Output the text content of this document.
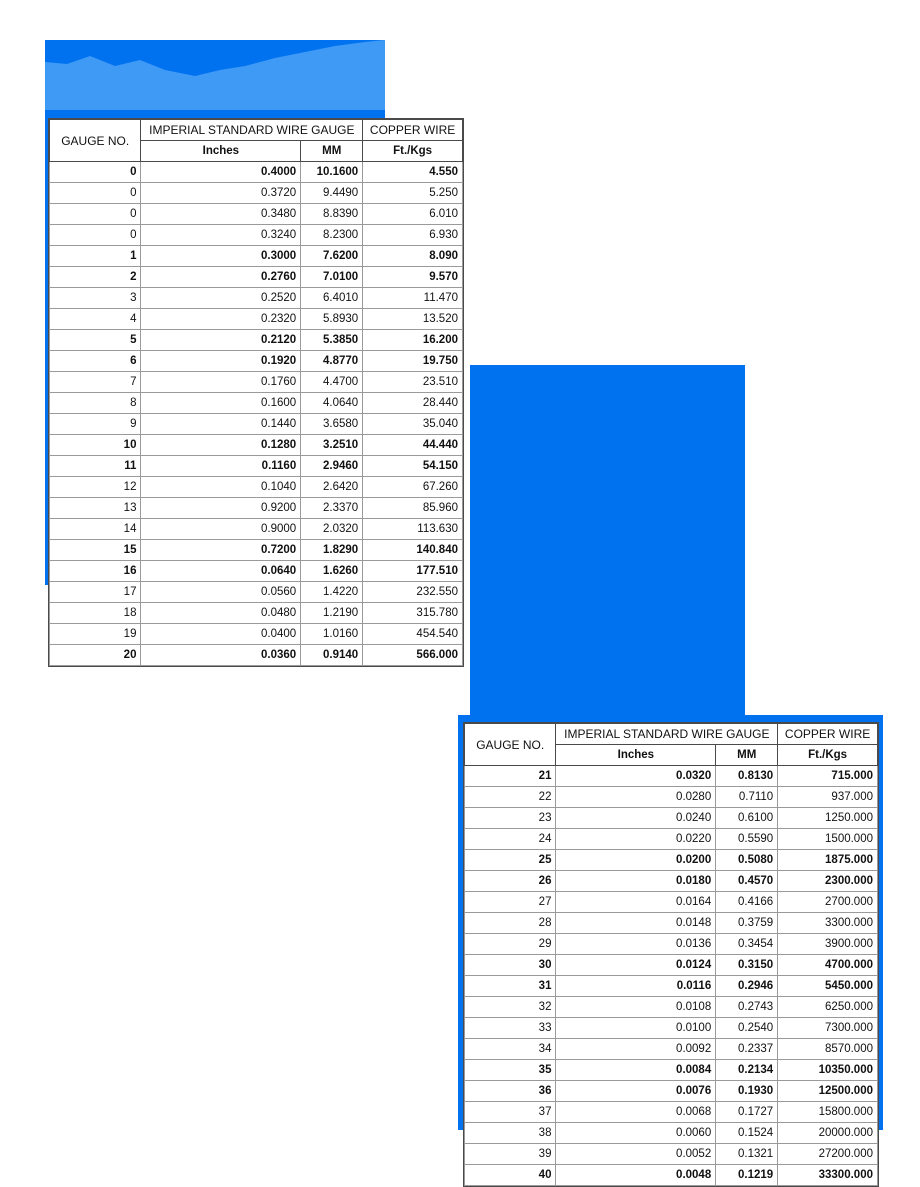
GAUGE NO.	IMPERIAL STANDARD WIRE GAUGE		COPPER WIRE
	Inches	MM	Ft./Kgs
0	0.4000	10.1600	4.550
0	0.3720	9.4490	5.250
0	0.3480	8.8390	6.010
0	0.3240	8.2300	6.930
1	0.3000	7.6200	8.090
2	0.2760	7.0100	9.570
3	0.2520	6.4010	11.470
4	0.2320	5.8930	13.520
5	0.2120	5.3850	16.200
6	0.1920	4.8770	19.750
7	0.1760	4.4700	23.510
8	0.1600	4.0640	28.440
9	0.1440	3.6580	35.040
10	0.1280	3.2510	44.440
11	0.1160	2.9460	54.150
12	0.1040	2.6420	67.260
13	0.9200	2.3370	85.960
14	0.9000	2.0320	113.630
15	0.7200	1.8290	140.840
16	0.0640	1.6260	177.510
17	0.0560	1.4220	232.550
18	0.0480	1.2190	315.780
19	0.0400	1.0160	454.540
20	0.0360	0.9140	566.000
GAUGE NO.	IMPERIAL STANDARD WIRE GAUGE		COPPER WIRE
	Inches	MM	Ft./Kgs
21	0.0320	0.8130	715.000
22	0.0280	0.7110	937.000
23	0.0240	0.6100	1250.000
24	0.0220	0.5590	1500.000
25	0.0200	0.5080	1875.000
26	0.0180	0.4570	2300.000
27	0.0164	0.4166	2700.000
28	0.0148	0.3759	3300.000
29	0.0136	0.3454	3900.000
30	0.0124	0.3150	4700.000
31	0.0116	0.2946	5450.000
32	0.0108	0.2743	6250.000
33	0.0100	0.2540	7300.000
34	0.0092	0.2337	8570.000
35	0.0084	0.2134	10350.000
36	0.0076	0.1930	12500.000
37	0.0068	0.1727	15800.000
38	0.0060	0.1524	20000.000
39	0.0052	0.1321	27200.000
40	0.0048	0.1219	33300.000
